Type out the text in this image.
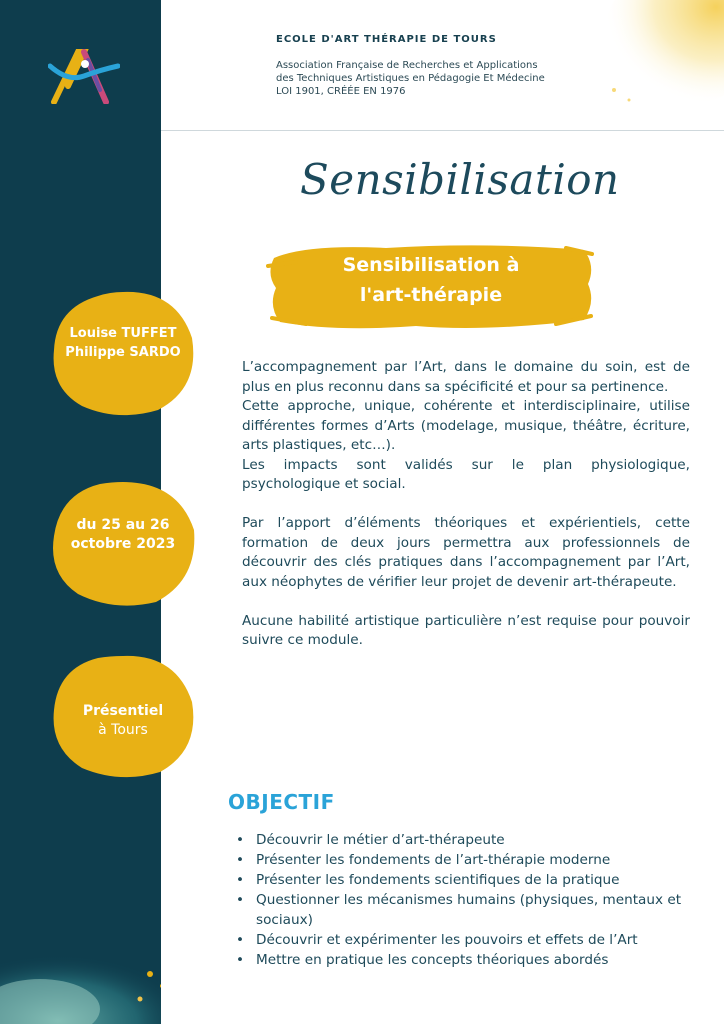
ECOLE D'ART THÉRAPIE DE TOURS
Association Française de Recherches et Applications
des Techniques Artistiques en Pédagogie Et Médecine
LOI 1901, CRÉÉE EN 1976
Sensibilisation
Sensibilisation à
l'art-thérapie
Louise TUFFET
Philippe SARDO
du 25 au 26
octobre 2023
Présentiel
à Tours

L’accompagnement par l’Art, dans le domaine du soin, est de plus en plus reconnu dans sa spécificité et pour sa pertinence.

Cette approche, unique, cohérente et interdisciplinaire, utilise différentes formes d’Arts (modelage, musique, théâtre, écriture, arts plastiques, etc…).

Les impacts sont validés sur le plan physiologique, psychologique et social.

Par l’apport d’éléments théoriques et expérientiels, cette formation de deux jours permettra aux professionnels de découvrir des clés pratiques dans l’accompagnement par l’Art, aux néophytes de vérifier leur projet de devenir art-thérapeute.

Aucune habilité artistique particulière n’est requise pour pouvoir suivre ce module.

OBJECTIF
• Découvrir le métier d’art-thérapeute
• Présenter les fondements de l’art-thérapie moderne
• Présenter les fondements scientifiques de la pratique
• Questionner les mécanismes humains (physiques, mentaux et sociaux)
• Découvrir et expérimenter les pouvoirs et effets de l’Art
• Mettre en pratique les concepts théoriques abordés
